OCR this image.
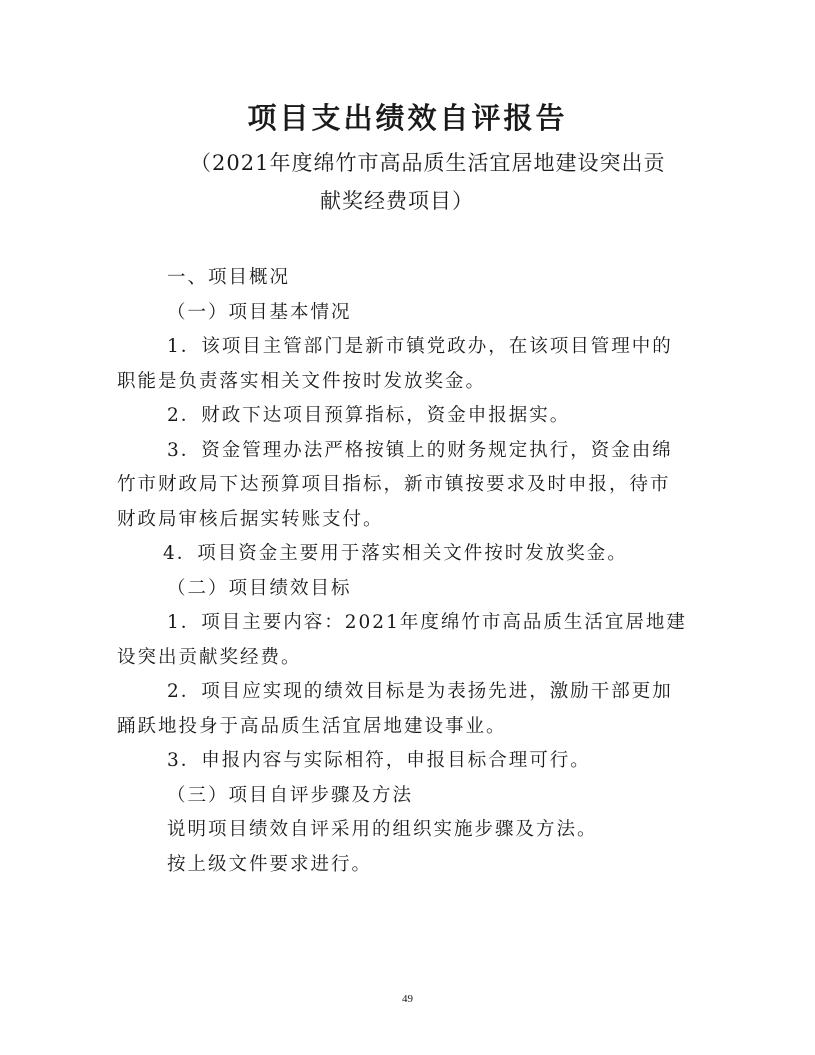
项目支出绩效自评报告
（2021年度绵竹市高品质生活宜居地建设突出贡
献奖经费项目）
一、项目概况
（一）项目基本情况
1．该项目主管部门是新市镇党政办，在该项目管理中的
职能是负责落实相关文件按时发放奖金。
2．财政下达项目预算指标，资金申报据实。
3．资金管理办法严格按镇上的财务规定执行，资金由绵
竹市财政局下达预算项目指标，新市镇按要求及时申报，待市
财政局审核后据实转账支付。
4．项目资金主要用于落实相关文件按时发放奖金。
（二）项目绩效目标
1．项目主要内容：2021年度绵竹市高品质生活宜居地建
设突出贡献奖经费。
2．项目应实现的绩效目标是为表扬先进，激励干部更加
踊跃地投身于高品质生活宜居地建设事业。
3．申报内容与实际相符，申报目标合理可行。
（三）项目自评步骤及方法
说明项目绩效自评采用的组织实施步骤及方法。
按上级文件要求进行。
49
